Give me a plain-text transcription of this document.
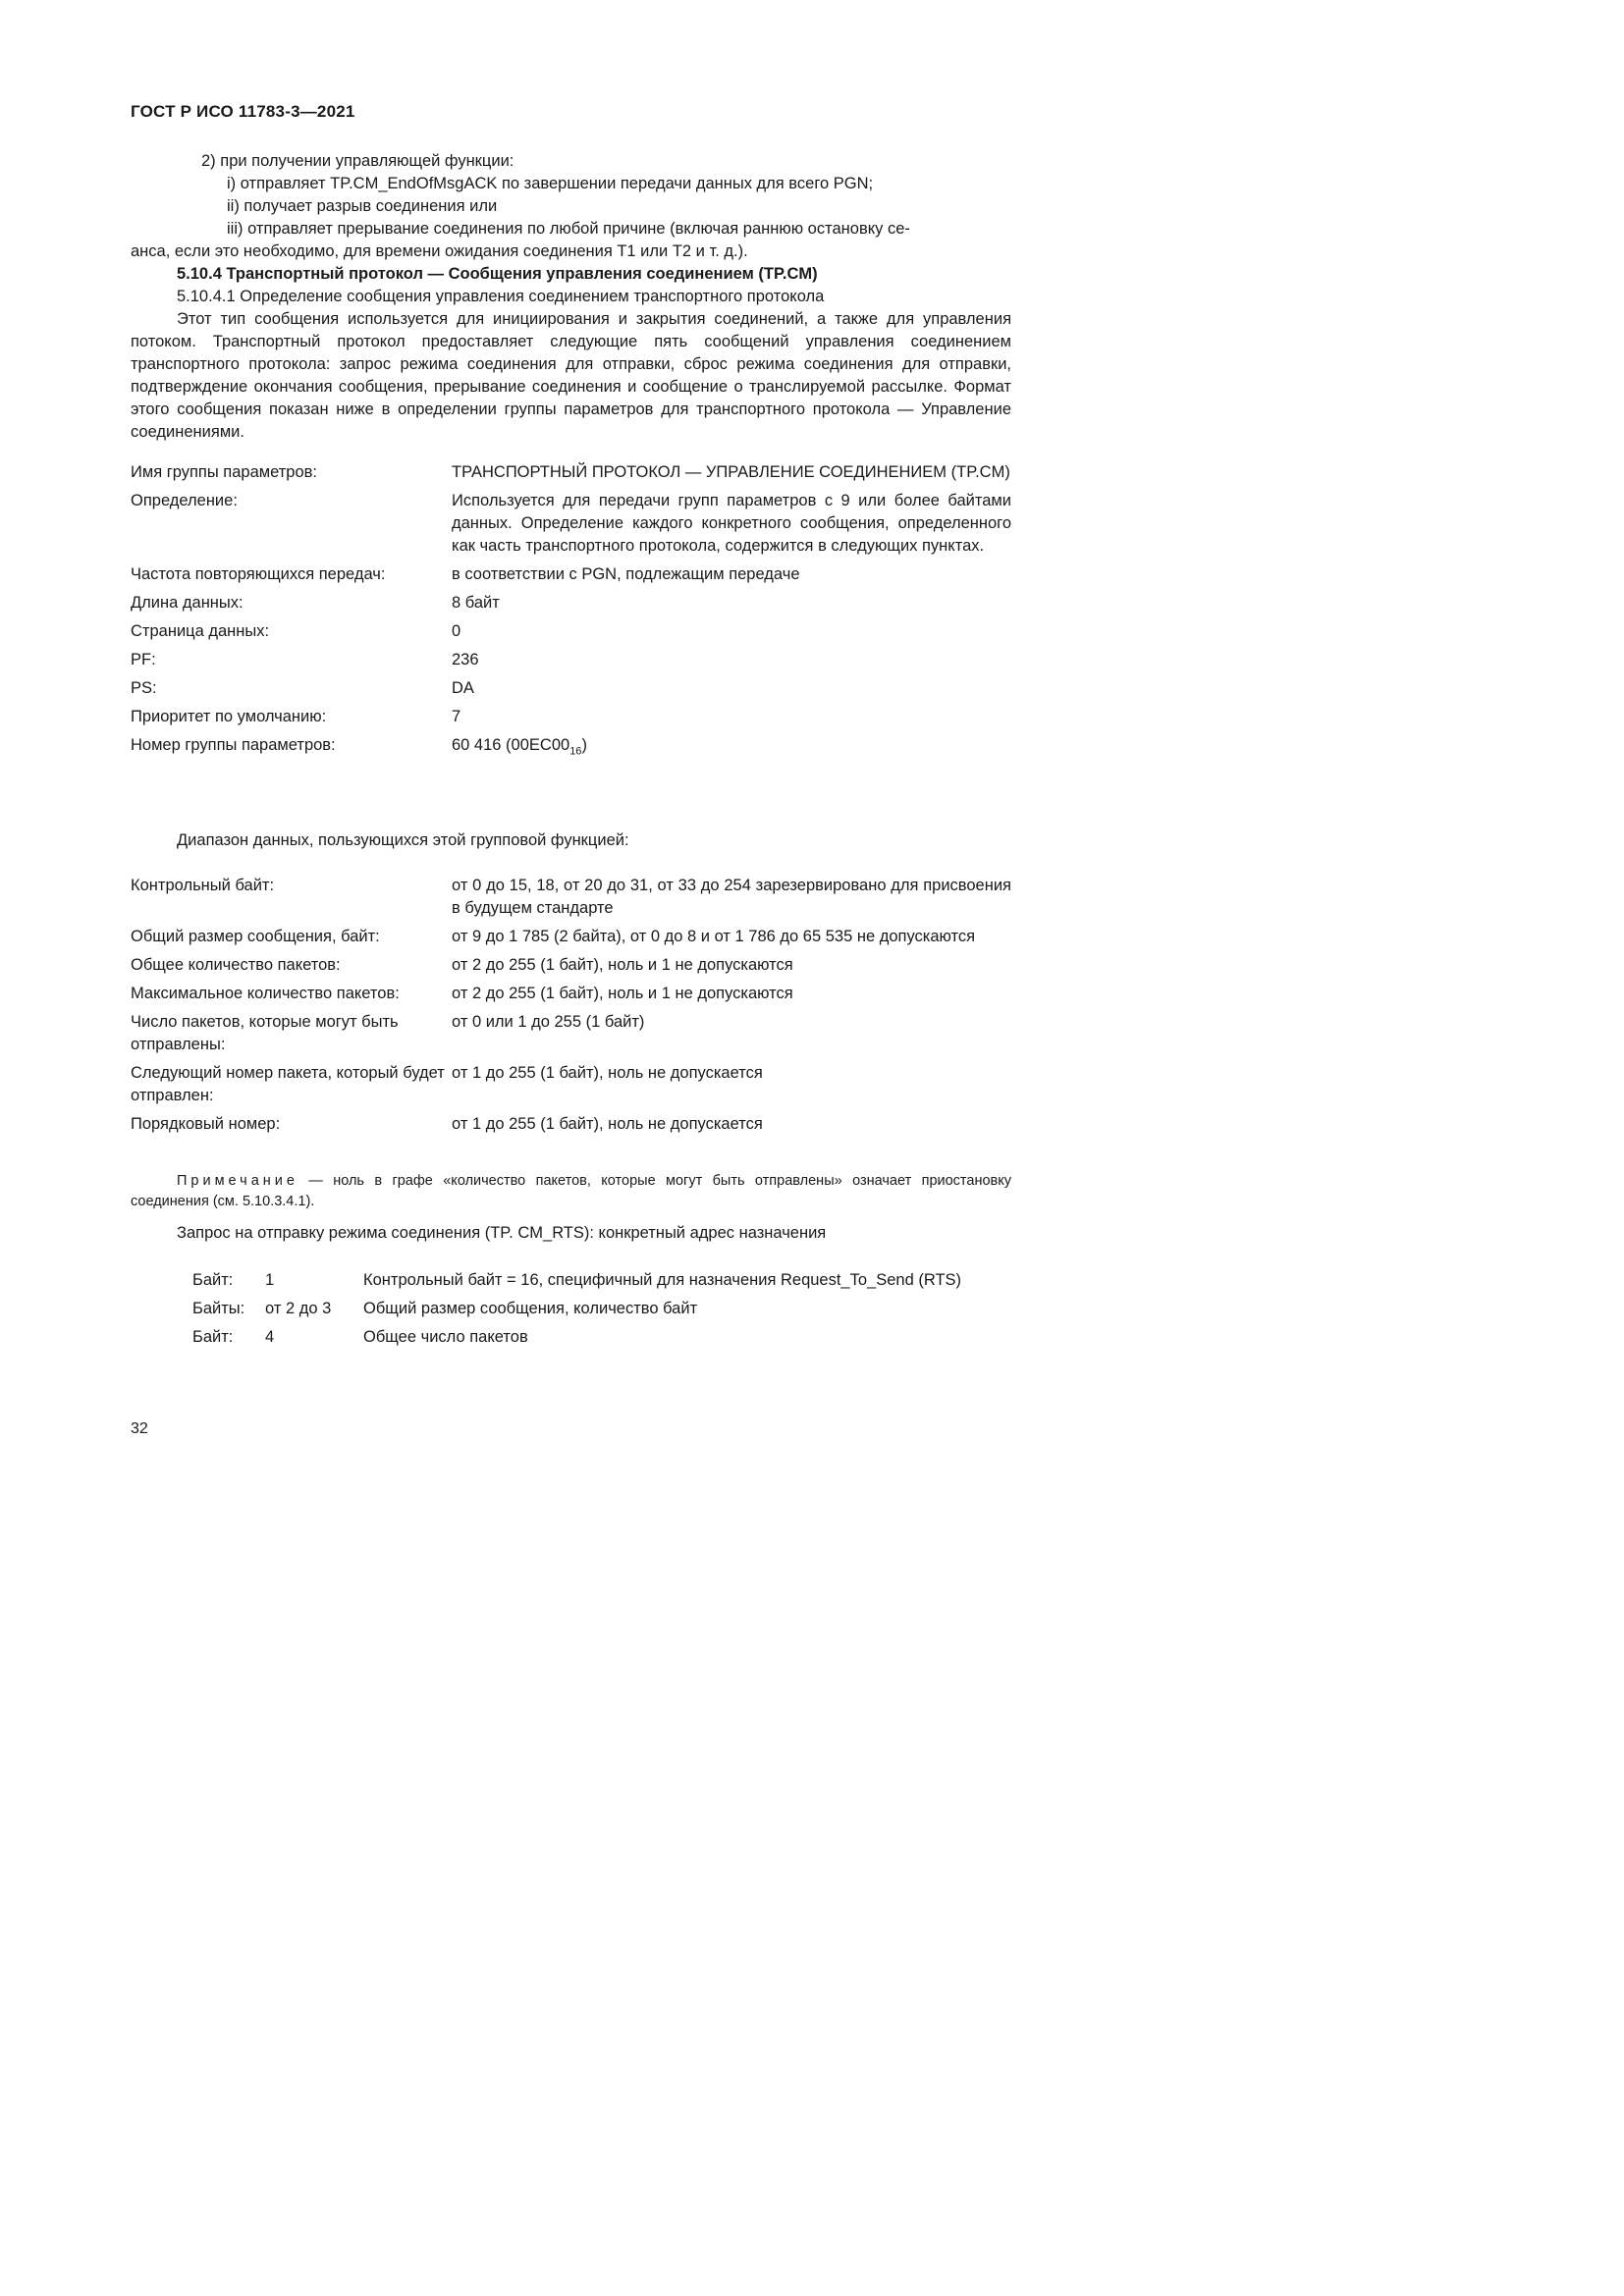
ГОСТ Р ИСО 11783-3—2021

2) при получении управляющей функции:

i) отправляет TP.CM_EndOfMsgACK по завершении передачи данных для всего PGN;

ii) получает разрыв соединения или

iii) отправляет прерывание соединения по любой причине (включая раннюю остановку се-

анса, если это необходимо, для времени ожидания соединения T1 или T2 и т. д.).

5.10.4 Транспортный протокол — Сообщения управления соединением (TP.CM)

5.10.4.1 Определение сообщения управления соединением транспортного протокола

Этот тип сообщения используется для инициирования и закрытия соединений, а также для управления потоком. Транспортный протокол предоставляет следующие пять сообщений управления соединением транспортного протокола: запрос режима соединения для отправки, сброс режима соединения для отправки, подтверждение окончания сообщения, прерывание соединения и сообщение о транслируемой рассылке. Формат этого сообщения показан ниже в определении группы параметров для транспортного протокола — Управление соединениями.

Имя группы параметров:	ТРАНСПОРТНЫЙ ПРОТОКОЛ — УПРАВЛЕНИЕ СОЕДИНЕНИЕМ (TP.CM)
Определение:	Используется для передачи групп параметров с 9 или более байтами данных. Определение каждого конкретного сообщения, определенного как часть транспортного протокола, содержится в следующих пунктах.
Частота повторяющихся передач:	в соответствии с PGN, подлежащим передаче
Длина данных:	8 байт
Страница данных:	0
PF:	236
PS:	DA
Приоритет по умолчанию:	7
Номер группы параметров:	60 416 $(00EC00_{16})$
Диапазон данных, пользующихся этой групповой функцией:
Контрольный байт:	от 0 до 15, 18, от 20 до 31, от 33 до 254 зарезервировано для присвоения в будущем стандарте
Общий размер сообщения, байт:	от 9 до 1 785 (2 байта), от 0 до 8 и от 1 786 до 65 535 не допускаются
Общее количество пакетов:	от 2 до 255 (1 байт), ноль и 1 не допускаются
Максимальное количество пакетов:	от 2 до 255 (1 байт), ноль и 1 не допускаются
Число пакетов, которые могут быть отправлены:
от 0 или 1 до 255 (1 байт)
Следующий номер пакета, который будет отправлен:
от 1 до 255 (1 байт), ноль не допускается
Порядковый номер:	от 1 до 255 (1 байт), ноль не допускается
Примечание — ноль в графе «количество пакетов, которые могут быть отправлены» означает приостановку соединения (см. 5.10.3.4.1).
Запрос на отправку режима соединения (TP. CM_RTS): конкретный адрес назначения
Байт:	1	Контрольный байт = 16, специфичный для назначения Request_To_Send (RTS)
Байты:	от 2 до 3	Общий размер сообщения, количество байт
Байт:	4	Общее число пакетов
32
